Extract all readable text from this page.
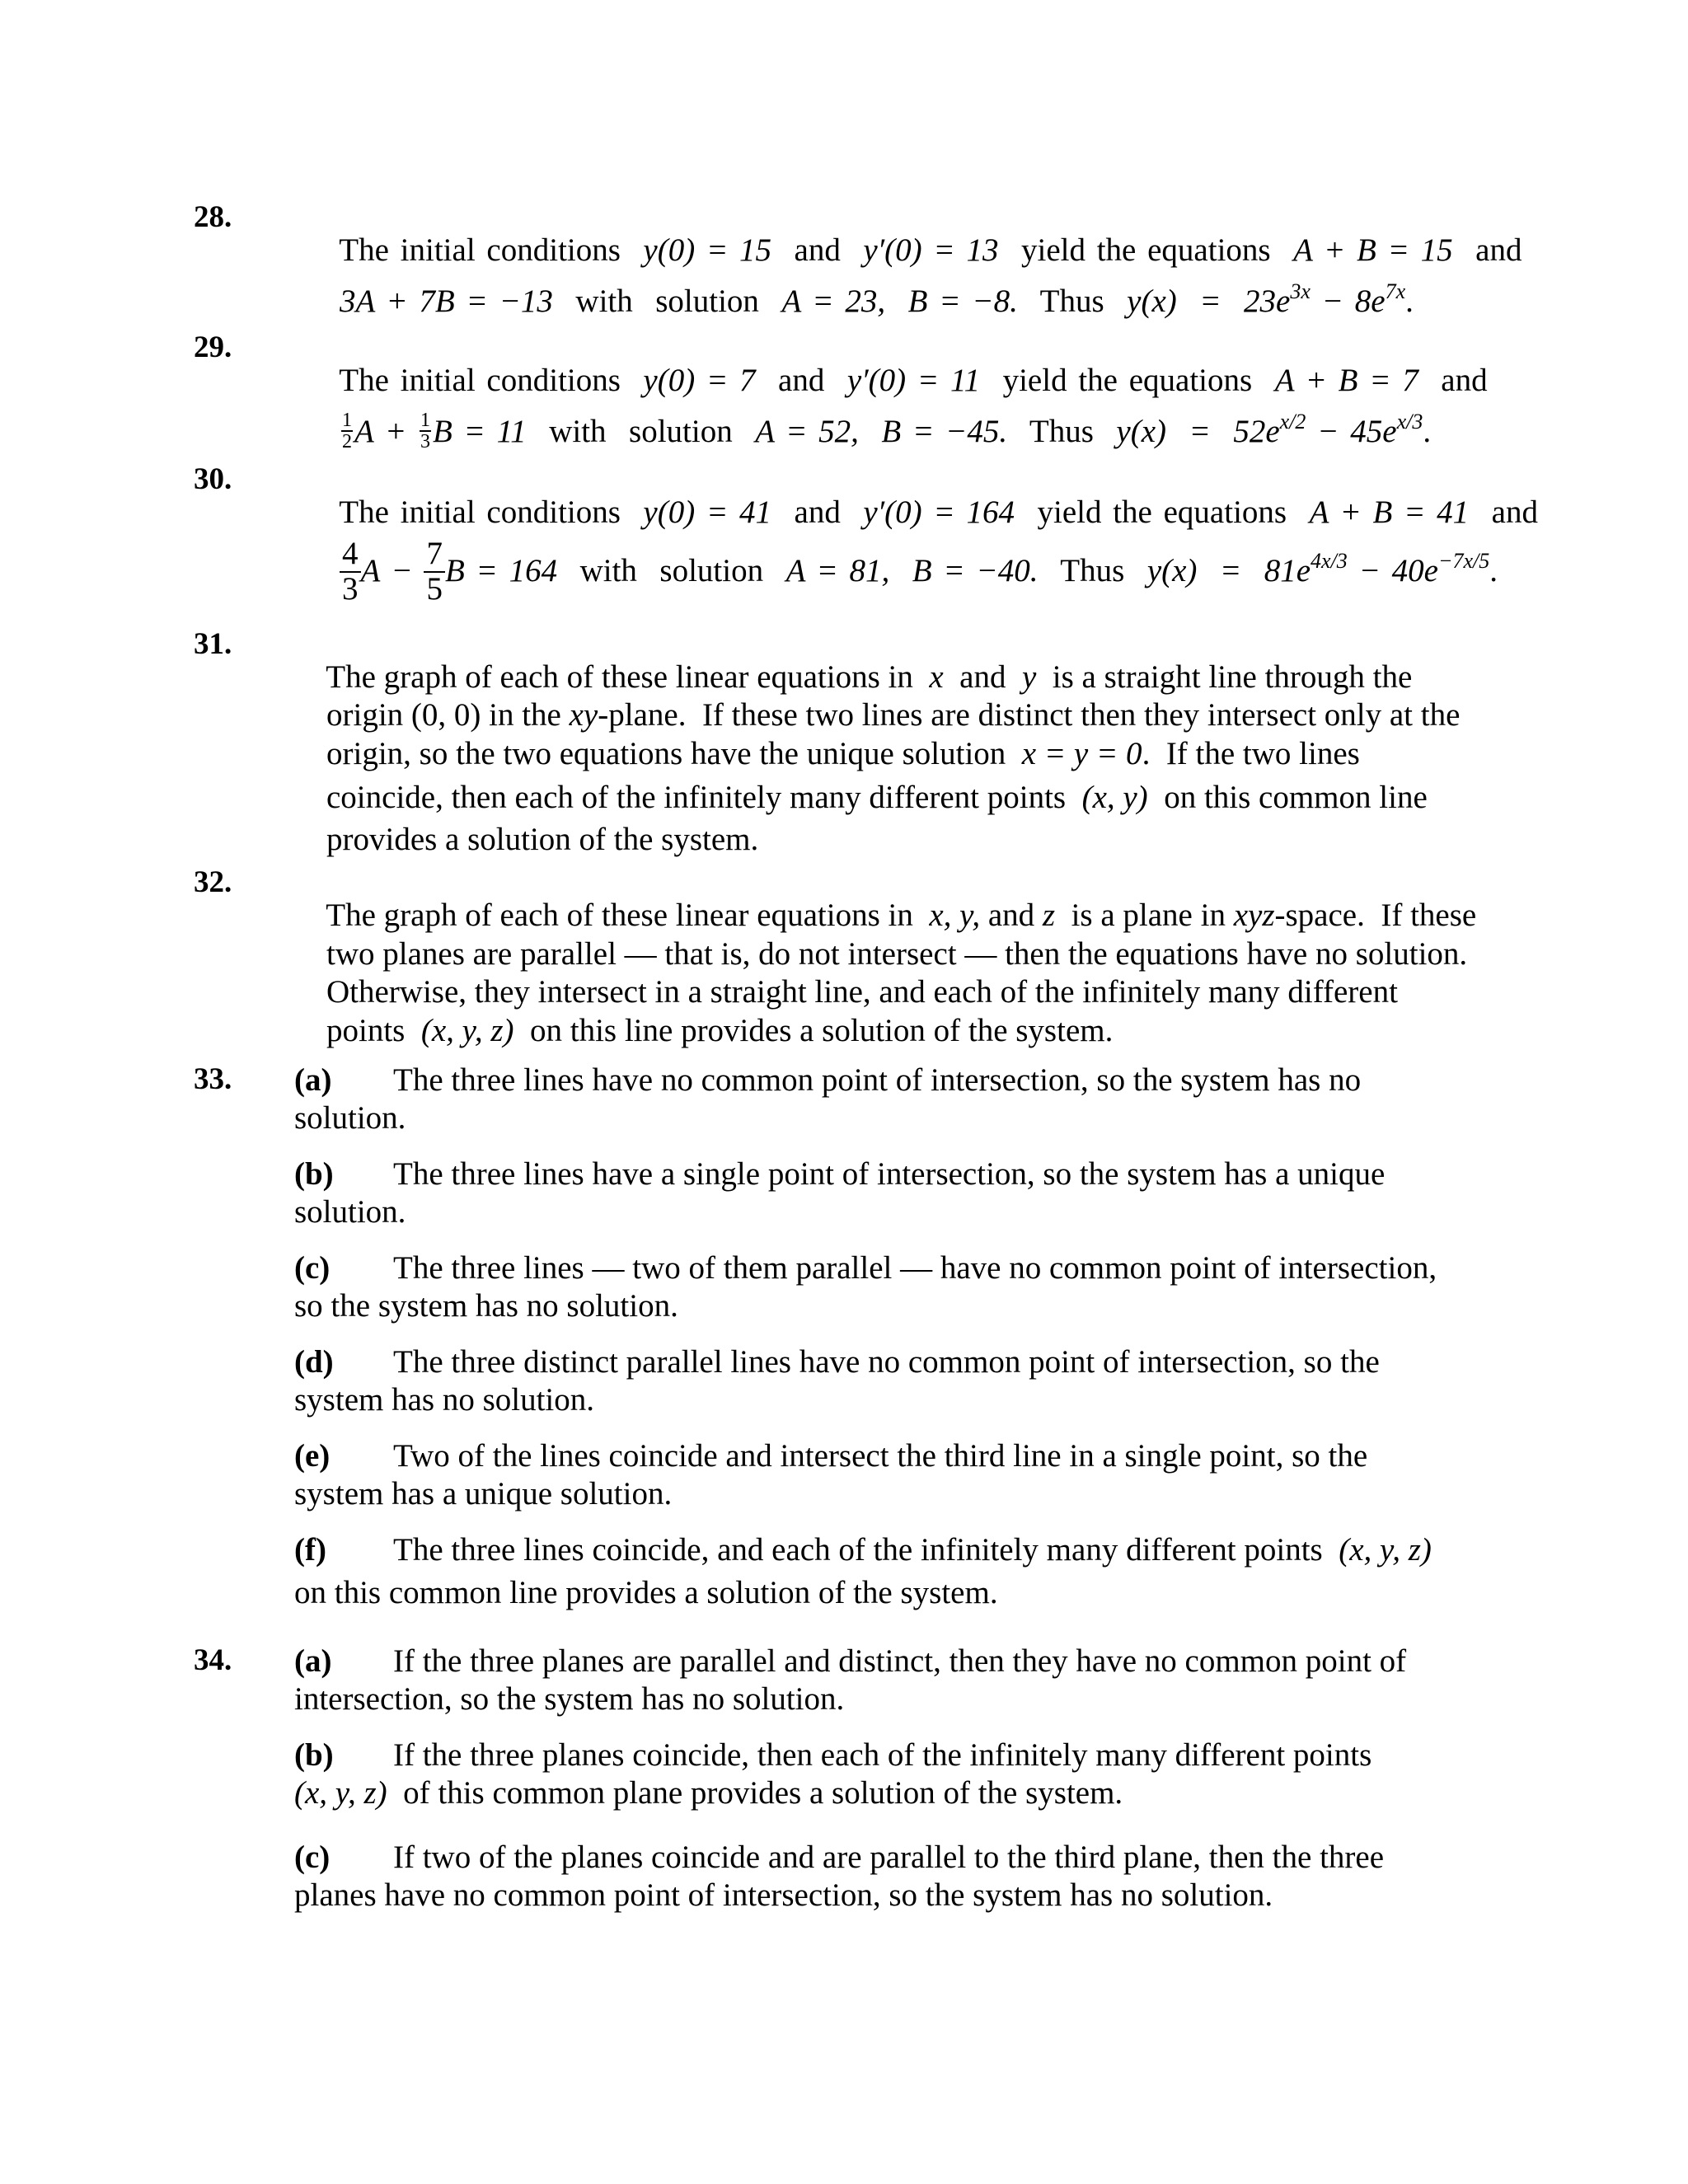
28.

The initial conditions  y(0) = 15  and  y′(0) = 13  yield the equations  A + B = 15  and

3A + 7B = −13  with  solution  A = 23,  B = −8.  Thus  $y(x) = 23e^{3x} - 8e^{7x}$.

29.

The initial conditions  y(0) = 7  and  y′(0) = 11  yield the equations  A + B = 7  and

$\frac{1}{2}$ $A + \frac{1}{3}$ B = 11  with  solution  A = 52,  B = −45.  Thus  $y(x) = 52e^{x/2} - 45e^{x/3}$.

30.

The initial conditions  y(0) = 41  and  y′(0) = 164  yield the equations  A + B = 41  and

$\frac{4}{3}$ $A - \frac{7}{5}$ B = 164  with  solution  A = 81,  B = −40.  Thus  $y(x) = 81e^{4x/3} - 40e^{-7x/5}$.

31.

The graph of each of these linear equations in  x  and  y  is a straight line through the

origin (0, 0) in the xy-plane.  If these two lines are distinct then they intersect only at the

origin, so the two equations have the unique solution  x = y = 0.  If the two lines

coincide, then each of the infinitely many different points  (x, y)  on this common line

provides a solution of the system.

32.

The graph of each of these linear equations in  x, y, and z  is a plane in xyz-space.  If these

two planes are parallel — that is, do not intersect — then the equations have no solution.

Otherwise, they intersect in a straight line, and each of the infinitely many different

points  (x, y, z)  on this line provides a solution of the system.

33. (a) The three lines have no common point of intersection, so the system has no
solution.
(b) The three lines have a single point of intersection, so the system has a unique
solution.
(c) The three lines — two of them parallel — have no common point of intersection,
so the system has no solution.
(d) The three distinct parallel lines have no common point of intersection, so the
system has no solution.
(e) Two of the lines coincide and intersect the third line in a single point, so the
system has a unique solution.
(f) The three lines coincide, and each of the infinitely many different points  (x, y, z)
on this common line provides a solution of the system.
34. (a) If the three planes are parallel and distinct, then they have no common point of
intersection, so the system has no solution.
(b) If the three planes coincide, then each of the infinitely many different points
(x, y, z)  of this common plane provides a solution of the system.
(c) If two of the planes coincide and are parallel to the third plane, then the three
planes have no common point of intersection, so the system has no solution.
